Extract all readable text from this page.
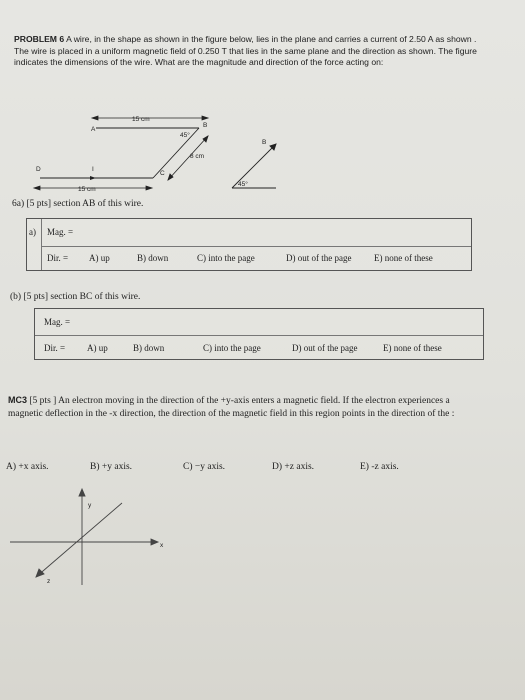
PROBLEM 6 A wire, in the shape as shown in the figure below, lies in the plane and carries a current of 2.50 A as shown . The wire is placed in a uniform magnetic field of 0.250 T that lies in the same plane and the direction as shown. The figure indicates the dimensions of the wire. What are the magnitude and direction of the force acting on:
15 cm
A
B
45°
8 cm
C
D	I
15 cm
B
45°
6a) [5 pts] section AB of this wire.
a) Mag. =
Dir. = A) up	B) down	C) into the page	D) out of the page	E) none of these
(b) [5 pts] section BC of this wire.
Mag. =
Dir. = A) up	B) down	C) into the page	D) out of the page	E) none of these
MC3 [5 pts ] An electron moving in the direction of the +y-axis enters a magnetic field. If the electron experiences a magnetic deflection in the -x direction, the direction of the magnetic field in this region points in the direction of the :
A) +x axis.	B) +y axis.	C) −y axis.	D) +z axis.	E) -z axis.
y
x
z
